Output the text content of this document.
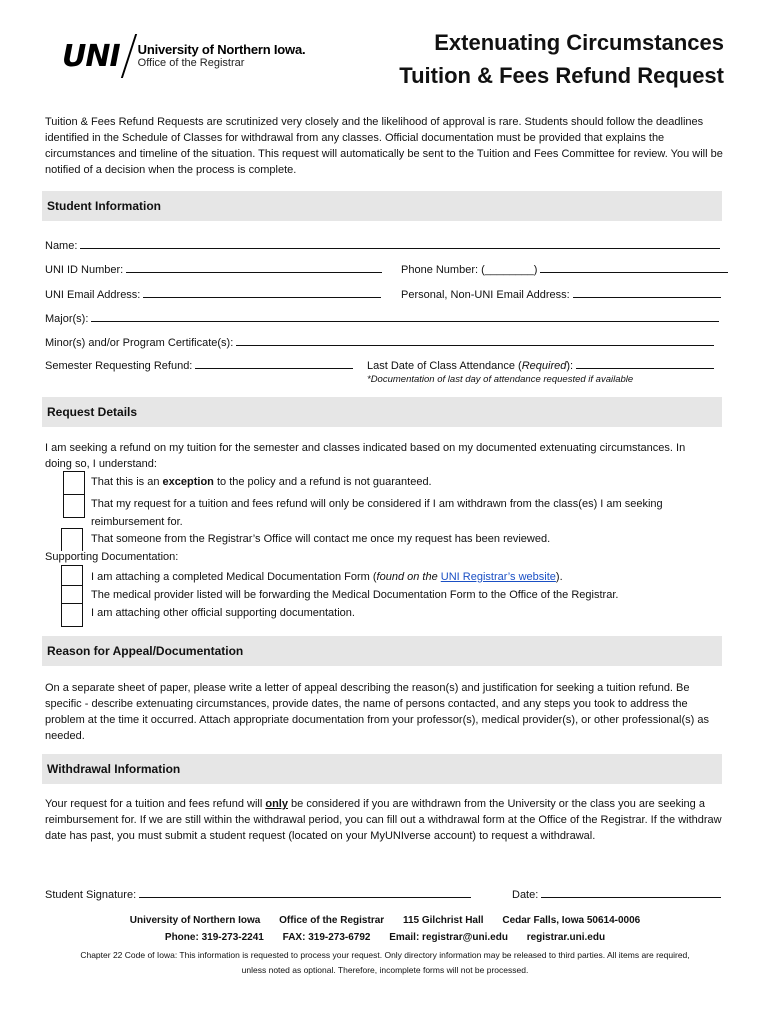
UNI University of Northern Iowa.
Office of the Registrar
Extenuating Circumstances
Tuition & Fees Refund Request
Tuition & Fees Refund Requests are scrutinized very closely and the likelihood of approval is rare. Students should follow the deadlines identified in the Schedule of Classes for withdrawal from any classes. Official documentation must be provided that explains the circumstances and timeline of the situation. This request will automatically be sent to the Tuition and Fees Committee for review. You will be notified of a decision when the process is complete.
Student Information
Name:
UNI ID Number:	Phone Number: (________)
UNI Email Address:	Personal, Non-UNI Email Address:
Major(s):
Minor(s) and/or Program Certificate(s):
Semester Requesting Refund:	Last Date of Class Attendance (Required):
*Documentation of last day of attendance requested if available
Request Details
I am seeking a refund on my tuition for the semester and classes indicated based on my documented extenuating circumstances. In
doing so, I understand:
That this is an exception to the policy and a refund is not guaranteed.
That my request for a tuition and fees refund will only be considered if I am withdrawn from the class(es) I am seeking
reimbursement for.
That someone from the Registrar’s Office will contact me once my request has been reviewed.
Supporting Documentation:
I am attaching a completed Medical Documentation Form (found on the UNI Registrar’s website).
The medical provider listed will be forwarding the Medical Documentation Form to the Office of the Registrar.
I am attaching other official supporting documentation.
Reason for Appeal/Documentation
On a separate sheet of paper, please write a letter of appeal describing the reason(s) and justification for seeking a tuition refund. Be specific - describe extenuating circumstances, provide dates, the name of persons contacted, and any steps you took to address the problem at the time it occurred. Attach appropriate documentation from your professor(s), medical provider(s), or other professional(s) as needed.
Withdrawal Information
Your request for a tuition and fees refund will only be considered if you are withdrawn from the University or the class you are seeking a reimbursement for. If we are still within the withdrawal period, you can fill out a withdrawal form at the Office of the Registrar. If the withdraw date has past, you must submit a student request (located on your MyUNIverse account) to request a withdrawal.
Student Signature:	Date:
University of Northern Iowa Office of the Registrar 115 Gilchrist Hall Cedar Falls, Iowa 50614-0006
Phone: 319-273-2241 FAX: 319-273-6792 Email: registrar@uni.edu registrar.uni.edu
Chapter 22 Code of Iowa: This information is requested to process your request. Only directory information may be released to third parties. All items are required,
unless noted as optional. Therefore, incomplete forms will not be processed.
